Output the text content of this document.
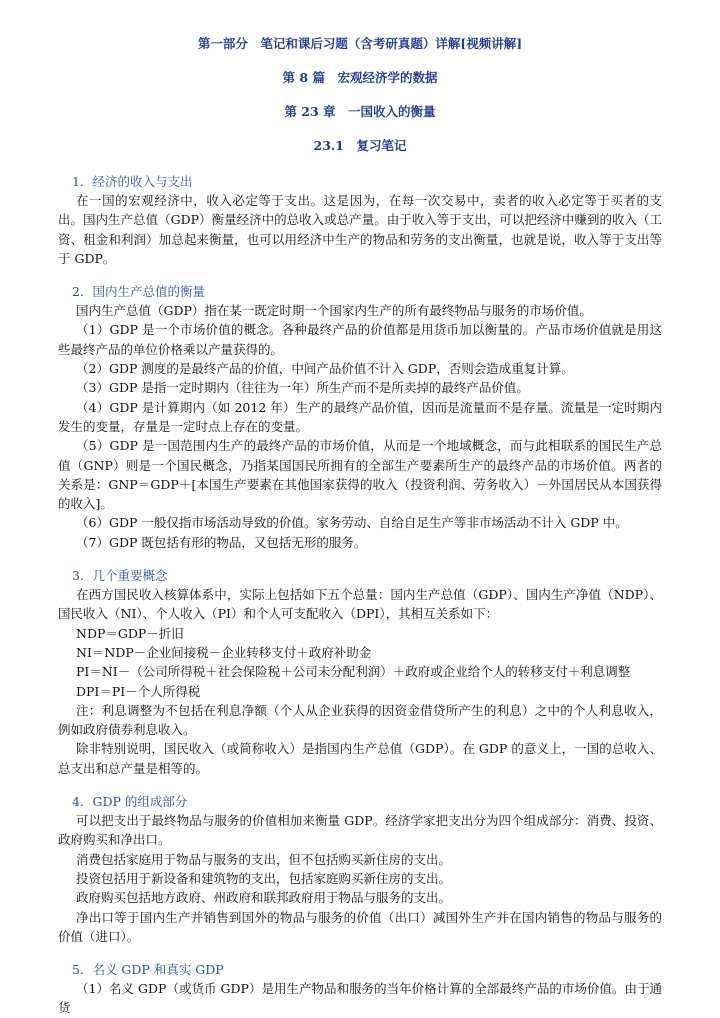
第一部分　笔记和课后习题（含考研真题）详解[视频讲解]
第 8 篇　宏观经济学的数据
第 23 章　一国收入的衡量
23.1　复习笔记
1．经济的收入与支出

在一国的宏观经济中，收入必定等于支出。这是因为，在每一次交易中，卖者的收入必定等于买者的支出。国内生产总值（GDP）衡量经济中的总收入或总产量。由于收入等于支出，可以把经济中赚到的收入（工资、租金和利润）加总起来衡量，也可以用经济中生产的物品和劳务的支出衡量，也就是说，收入等于支出等于 GDP。

2．国内生产总值的衡量

国内生产总值（GDP）指在某一既定时期一个国家内生产的所有最终物品与服务的市场价值。

（1）GDP 是一个市场价值的概念。各种最终产品的价值都是用货币加以衡量的。产品市场价值就是用这些最终产品的单位价格乘以产量获得的。

（2）GDP 测度的是最终产品的价值，中间产品价值不计入 GDP，否则会造成重复计算。

（3）GDP 是指一定时期内（往往为一年）所生产而不是所卖掉的最终产品价值。

（4）GDP 是计算期内（如 2012 年）生产的最终产品价值，因而是流量而不是存量。流量是一定时期内发生的变量，存量是一定时点上存在的变量。

（5）GDP 是一国范围内生产的最终产品的市场价值，从而是一个地域概念，而与此相联系的国民生产总值（GNP）则是一个国民概念，乃指某国国民所拥有的全部生产要素所生产的最终产品的市场价值。两者的关系是：GNP＝GDP＋[本国生产要素在其他国家获得的收入（投资利润、劳务收入）－外国居民从本国获得的收入]。

（6）GDP 一般仅指市场活动导致的价值。家务劳动、自给自足生产等非市场活动不计入 GDP 中。

（7）GDP 既包括有形的物品，又包括无形的服务。

3．几个重要概念

在西方国民收入核算体系中，实际上包括如下五个总量：国内生产总值（GDP）、国内生产净值（NDP）、国民收入（NI）、个人收入（PI）和个人可支配收入（DPI），其相互关系如下：

NDP＝GDP－折旧

NI＝NDP－企业间接税－企业转移支付＋政府补助金

PI＝NI－（公司所得税＋社会保险税＋公司未分配利润）＋政府或企业给个人的转移支付＋利息调整

DPI＝PI－个人所得税

注：利息调整为不包括在利息净额（个人从企业获得的因资金借贷所产生的利息）之中的个人利息收入，例如政府债券利息收入。

除非特别说明，国民收入（或简称收入）是指国内生产总值（GDP）。在 GDP 的意义上，一国的总收入、总支出和总产量是相等的。

4．GDP 的组成部分

可以把支出于最终物品与服务的价值相加来衡量 GDP。经济学家把支出分为四个组成部分：消费、投资、政府购买和净出口。

消费包括家庭用于物品与服务的支出，但不包括购买新住房的支出。

投资包括用于新设备和建筑物的支出，包括家庭购买新住房的支出。

政府购买包括地方政府、州政府和联邦政府用于物品与服务的支出。

净出口等于国内生产并销售到国外的物品与服务的价值（出口）减国外生产并在国内销售的物品与服务的价值（进口）。

5．名义 GDP 和真实 GDP

（1）名义 GDP（或货币 GDP）是用生产物品和服务的当年价格计算的全部最终产品的市场价值。由于通货
